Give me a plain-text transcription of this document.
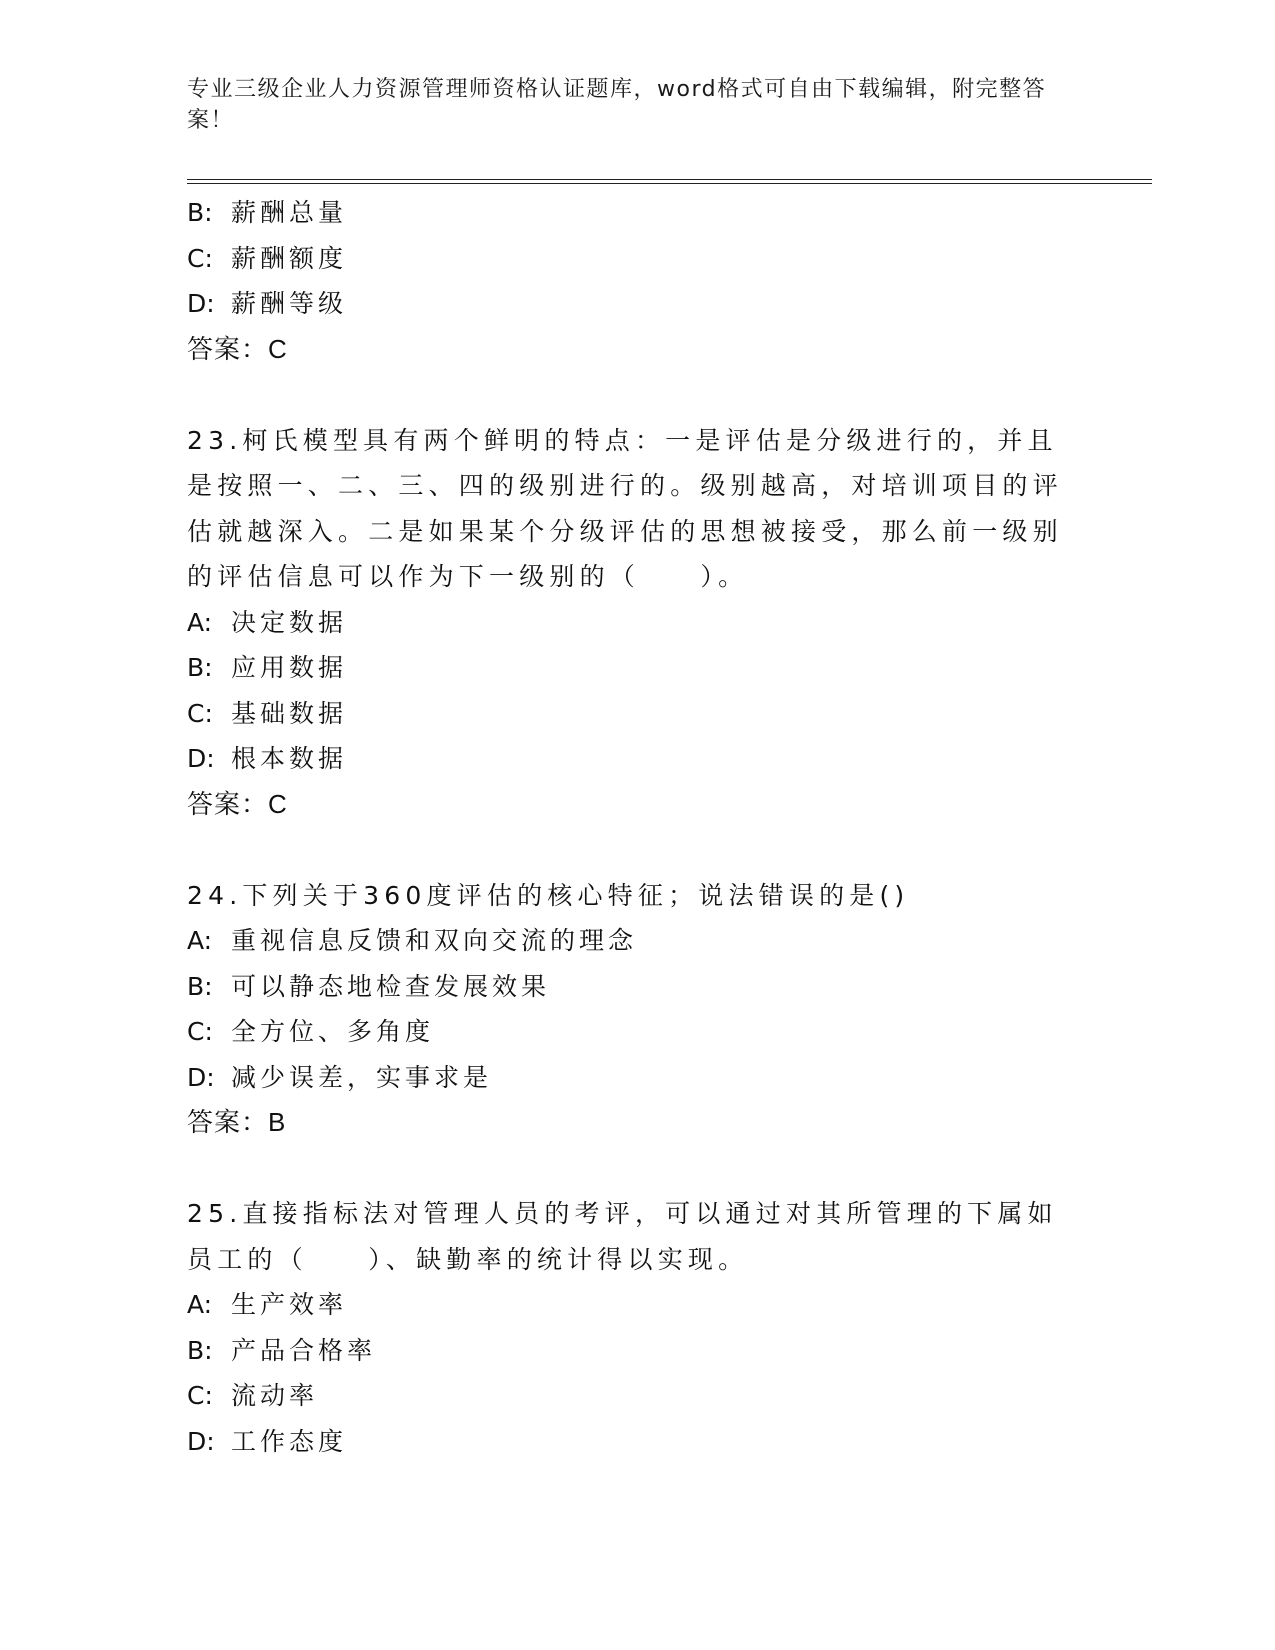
专业三级企业人力资源管理师资格认证题库，word格式可自由下载编辑，附完整答案！
B: 薪酬总量
C: 薪酬额度
D: 薪酬等级
答案：C
23.柯氏模型具有两个鲜明的特点：一是评估是分级进行的，并且是按照一、二、三、四的级别进行的。级别越高，对培训项目的评估就越深入。二是如果某个分级评估的思想被接受，那么前一级别的评估信息可以作为下一级别的（　　）。
A: 决定数据
B: 应用数据
C: 基础数据
D: 根本数据
答案：C
24.下列关于360度评估的核心特征；说法错误的是()
A: 重视信息反馈和双向交流的理念
B: 可以静态地检查发展效果
C: 全方位、多角度
D: 减少误差，实事求是
答案：B
25.直接指标法对管理人员的考评，可以通过对其所管理的下属如员工的（　　）、缺勤率的统计得以实现。
A: 生产效率
B: 产品合格率
C: 流动率
D: 工作态度
